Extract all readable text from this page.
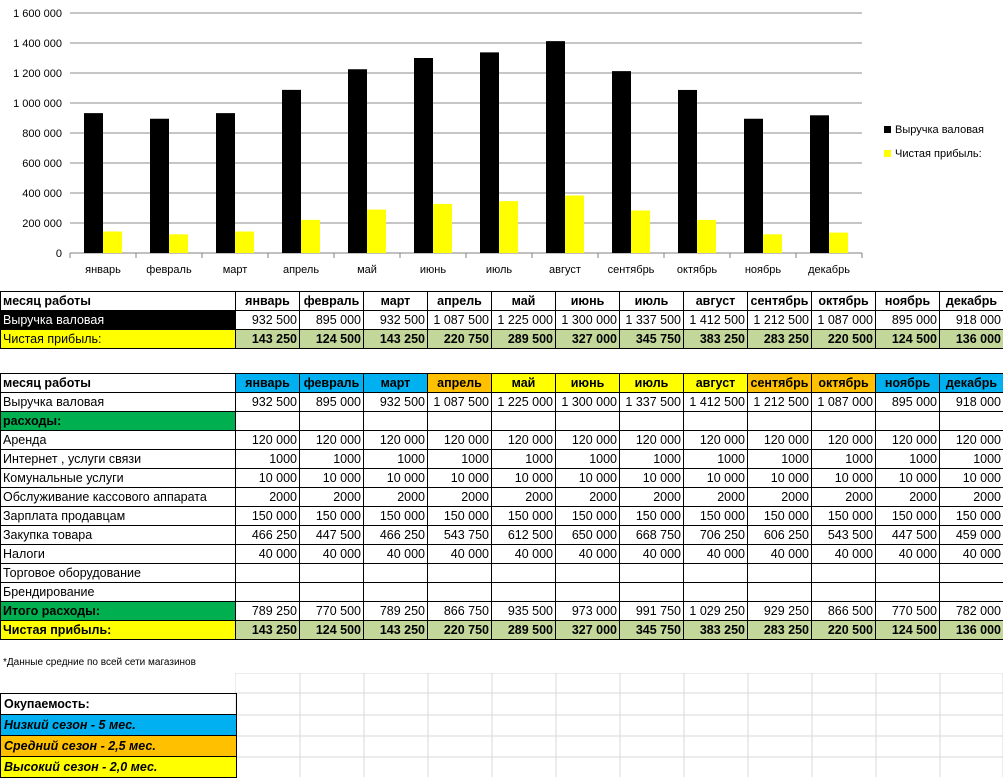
0
200 000
400 000
600 000
800 000
1 000 000
1 200 000
1 400 000
1 600 000
январь февраль	март	апрель	май	июнь	июль	август сентябрь октябрь	ноябрь декабрь
Выручка валовая
Чистая прибыль:
месяц работы	январь	февраль	март	апрель	май	июнь	июль	август	сентябрь	октябрь	ноябрь	декабрь
Выручка валовая	932 500	895 000	932 500	1 087 500	1 225 000	1 300 000	1 337 500	1 412 500	1 212 500	1 087 000	895 000	918 000
Чистая прибыль:	143 250	124 500	143 250	220 750	289 500	327 000	345 750	383 250	283 250	220 500	124 500	136 000
месяц работы	январь	февраль	март	апрель	май	июнь	июль	август	сентябрь	октябрь	ноябрь	декабрь
Выручка валовая	932 500	895 000	932 500	1 087 500	1 225 000	1 300 000	1 337 500	1 412 500	1 212 500	1 087 000	895 000	918 000
расходы:												
Аренда	120 000	120 000	120 000	120 000	120 000	120 000	120 000	120 000	120 000	120 000	120 000	120 000
Интернет , услуги связи	1000	1000	1000	1000	1000	1000	1000	1000	1000	1000	1000	1000
Комунальные услуги	10 000	10 000	10 000	10 000	10 000	10 000	10 000	10 000	10 000	10 000	10 000	10 000
Обслуживание кассового аппарата	2000	2000	2000	2000	2000	2000	2000	2000	2000	2000	2000	2000
Зарплата продавцам	150 000	150 000	150 000	150 000	150 000	150 000	150 000	150 000	150 000	150 000	150 000	150 000
Закупка товара	466 250	447 500	466 250	543 750	612 500	650 000	668 750	706 250	606 250	543 500	447 500	459 000
Налоги	40 000	40 000	40 000	40 000	40 000	40 000	40 000	40 000	40 000	40 000	40 000	40 000
Торговое оборудование												
Брендирование												
Итого расходы:	789 250	770 500	789 250	866 750	935 500	973 000	991 750	1 029 250	929 250	866 500	770 500	782 000
Чистая прибыль:	143 250	124 500	143 250	220 750	289 500	327 000	345 750	383 250	283 250	220 500	124 500	136 000
*Данные средние по всей сети магазинов
Окупаемость:
Низкий сезон - 5 мес.
Средний сезон - 2,5 мес.
Высокий сезон - 2,0 мес.
